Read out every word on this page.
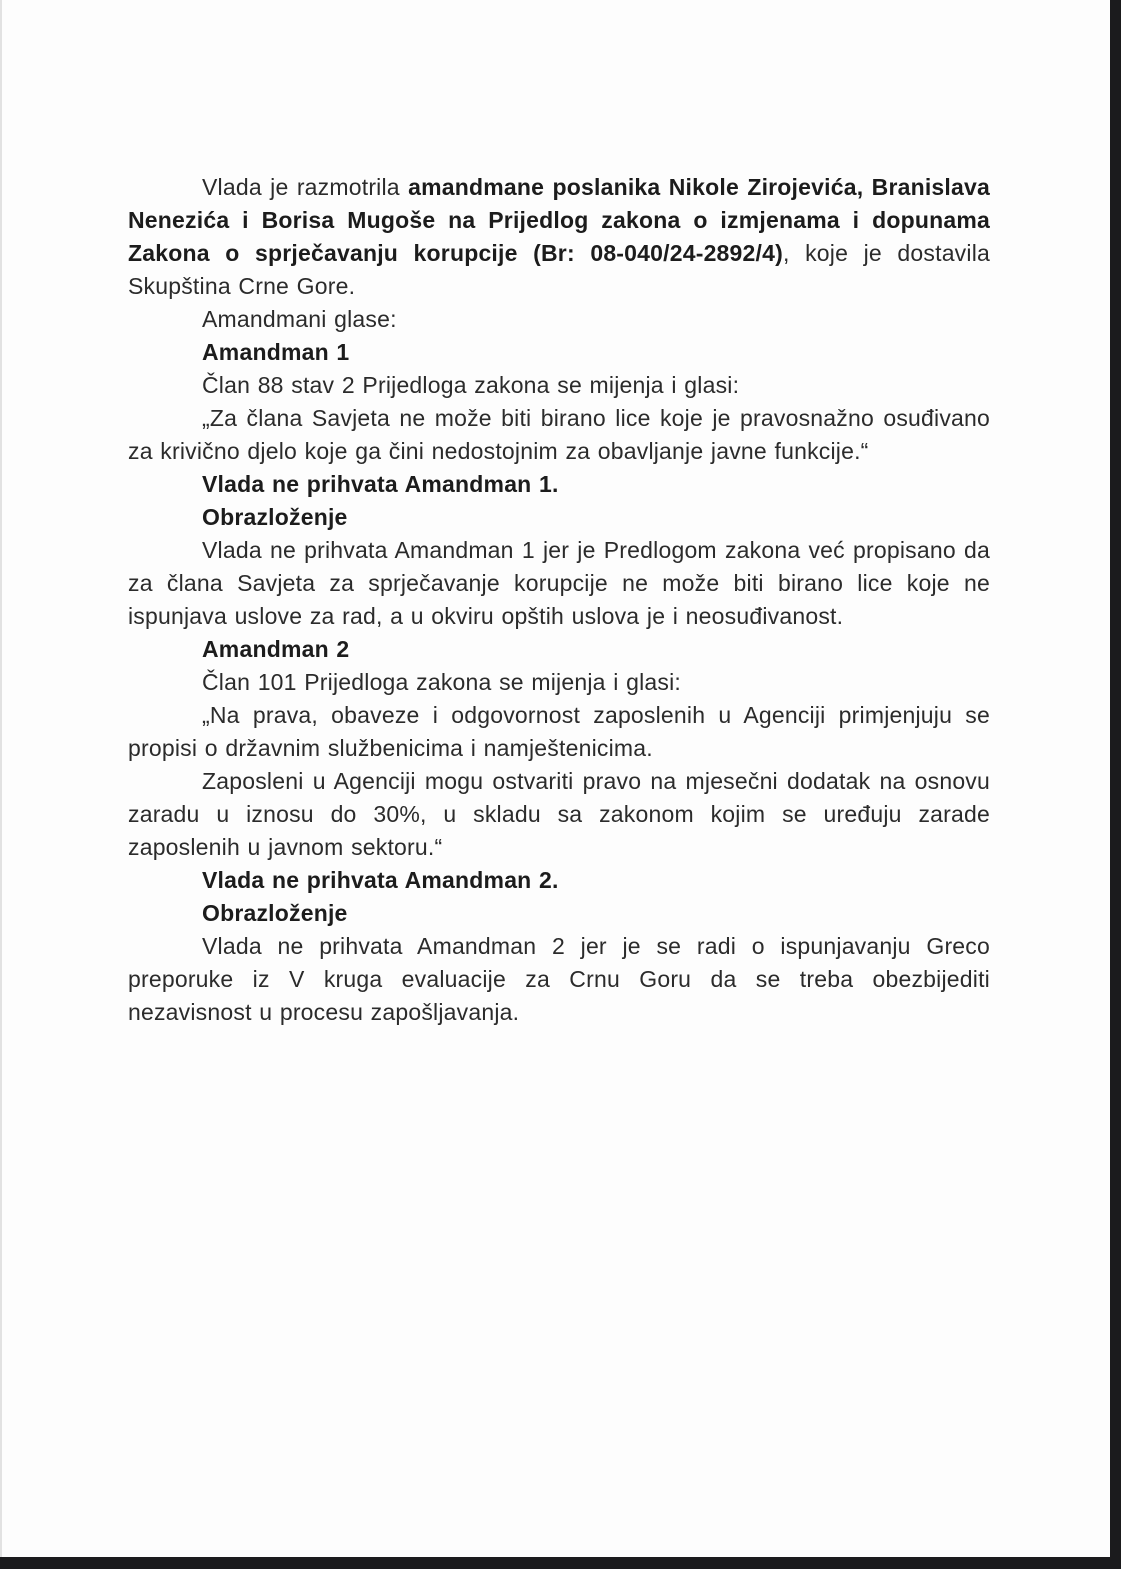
Vlada je razmotrila amandmane poslanika Nikole Zirojevića, Branislava Nenezića i Borisa Mugoše na Prijedlog zakona o izmjenama i dopunama Zakona o sprječavanju korupcije (Br: 08-040/24-2892/4), koje je dostavila Skupština Crne Gore.

Amandmani glase:

Amandman 1

Član 88 stav 2 Prijedloga zakona se mijenja i glasi:

„Za člana Savjeta ne može biti birano lice koje je pravosnažno osuđivano za krivično djelo koje ga čini nedostojnim za obavljanje javne funkcije.“

Vlada ne prihvata Amandman 1.

Obrazloženje

Vlada ne prihvata Amandman 1 jer je Predlogom zakona već propisano da za člana Savjeta za sprječavanje korupcije ne može biti birano lice koje ne ispunjava uslove za rad, a u okviru opštih uslova je i neosuđivanost.

Amandman 2

Član 101 Prijedloga zakona se mijenja i glasi:

„Na prava, obaveze i odgovornost zaposlenih u Agenciji primjenjuju se propisi o državnim službenicima i namještenicima.

Zaposleni u Agenciji mogu ostvariti pravo na mjesečni dodatak na osnovu zaradu u iznosu do 30%, u skladu sa zakonom kojim se uređuju zarade zaposlenih u javnom sektoru.“

Vlada ne prihvata Amandman 2.

Obrazloženje

Vlada ne prihvata Amandman 2 jer je se radi o ispunjavanju Greco preporuke iz V kruga evaluacije za Crnu Goru da se treba obezbijediti nezavisnost u procesu zapošljavanja.
